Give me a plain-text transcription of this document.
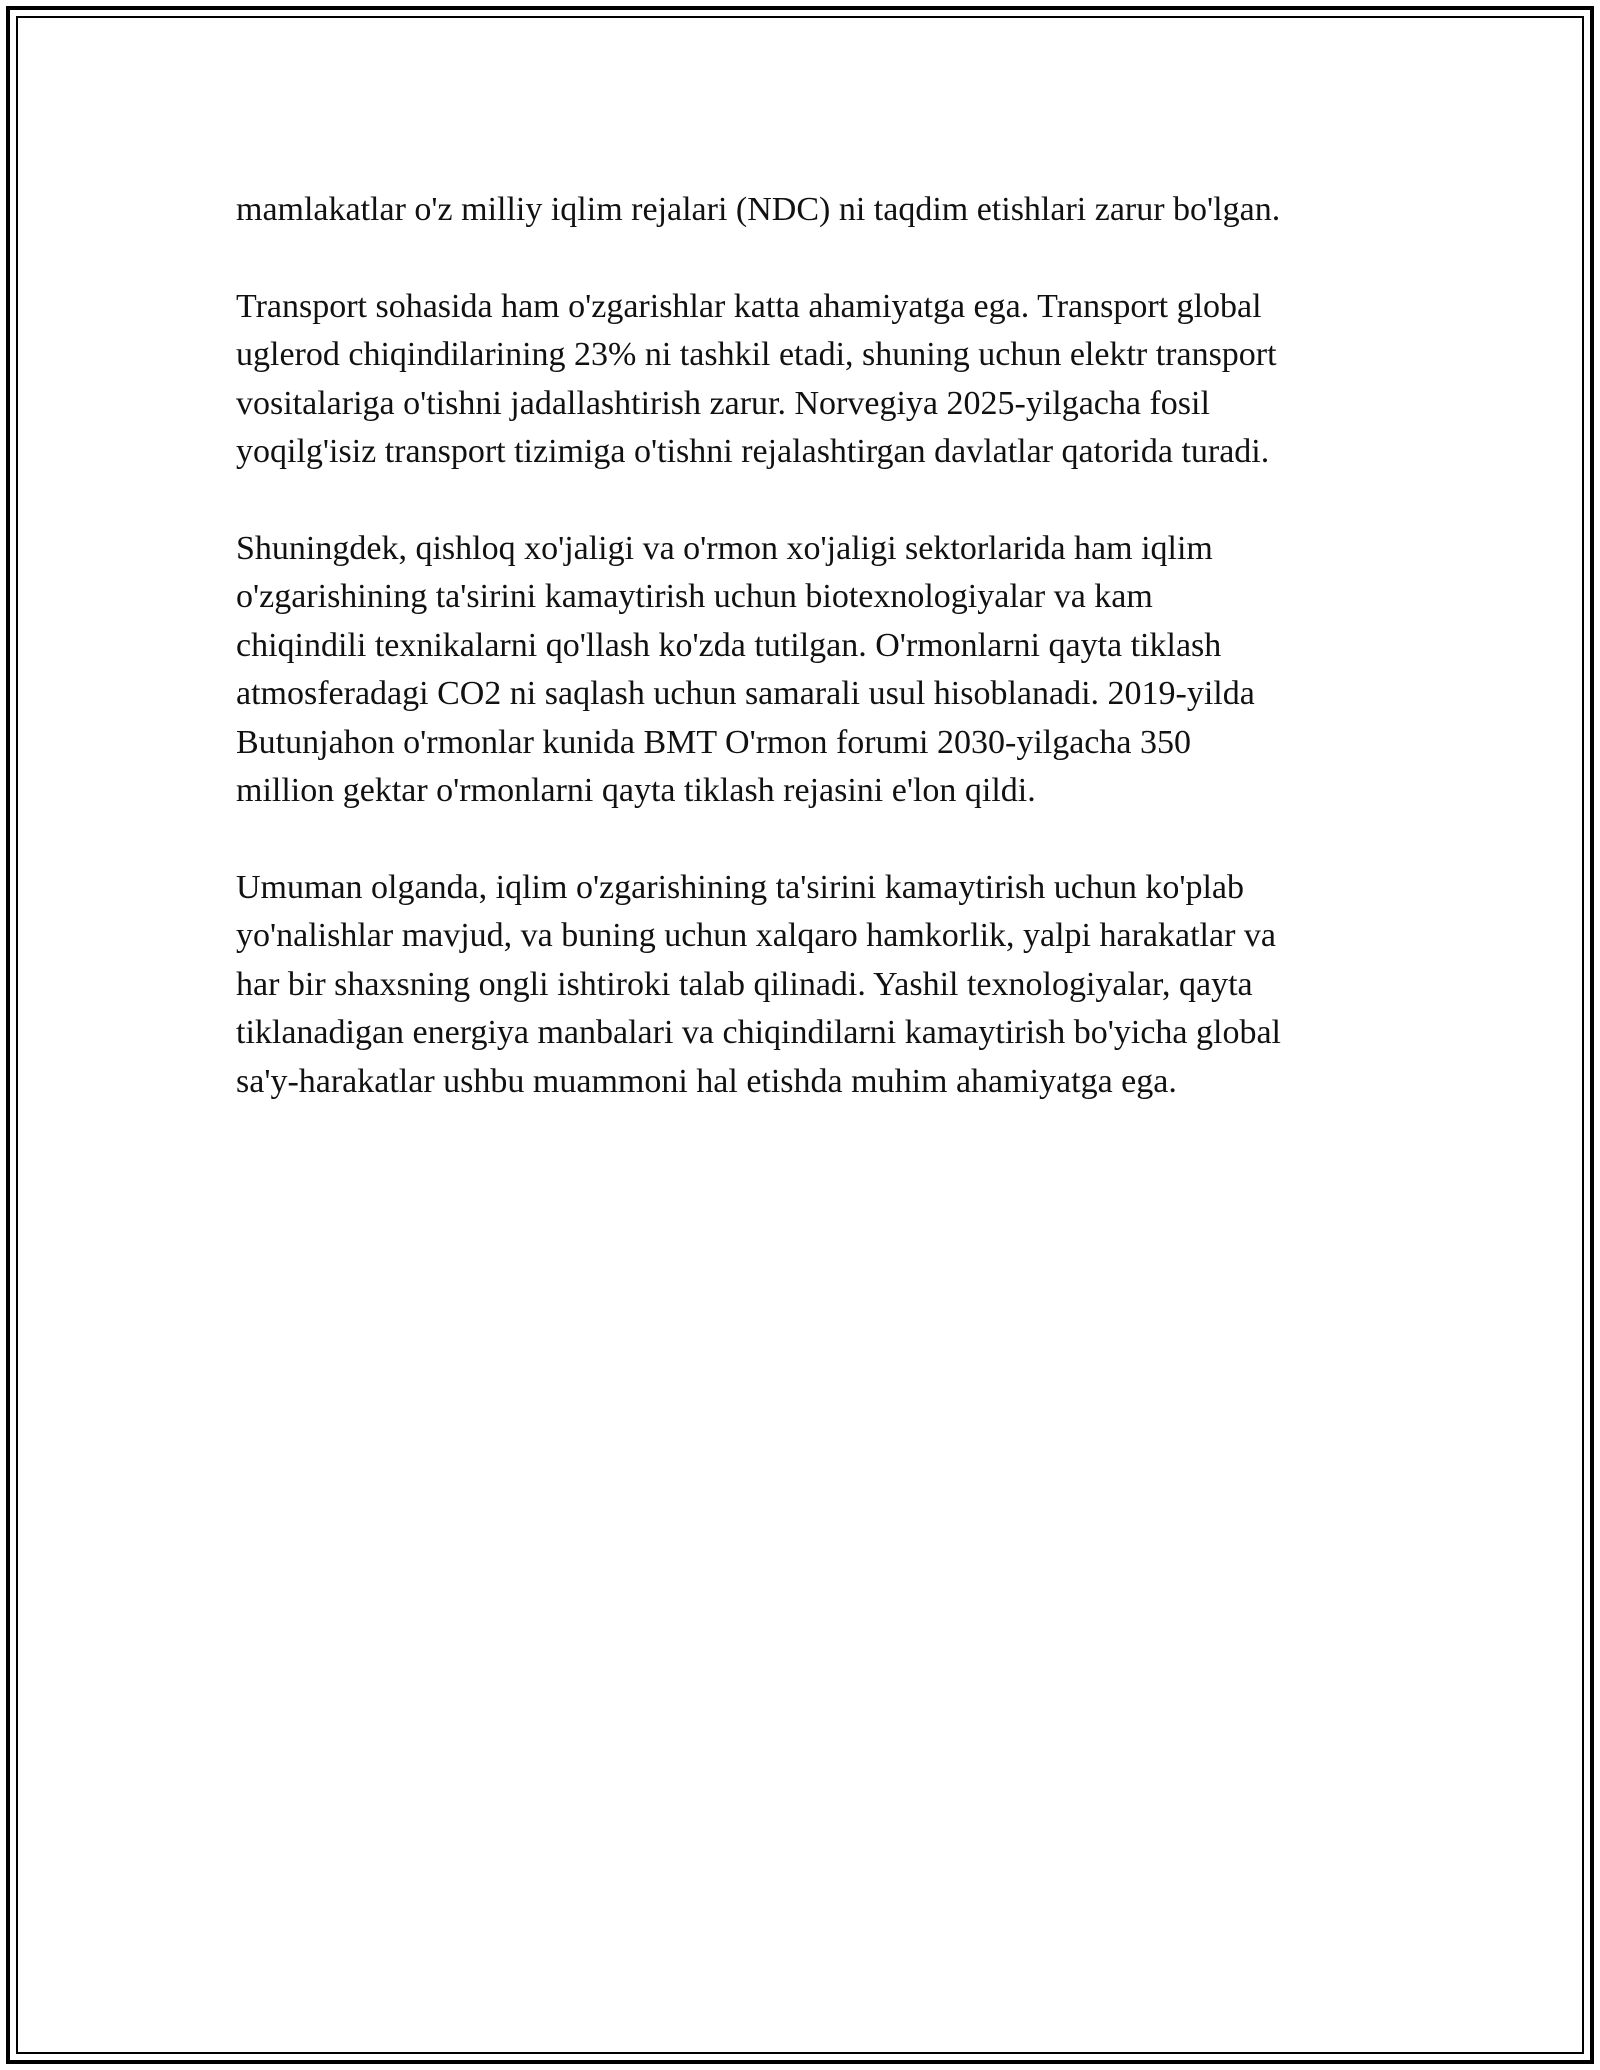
mamlakatlar o'z milliy iqlim rejalari (NDC) ni taqdim etishlari zarur bo'lgan.

Transport sohasida ham o'zgarishlar katta ahamiyatga ega. Transport global
uglerod chiqindilarining 23% ni tashkil etadi, shuning uchun elektr transport
vositalariga o'tishni jadallashtirish zarur. Norvegiya 2025-yilgacha fosil
yoqilg'isiz transport tizimiga o'tishni rejalashtirgan davlatlar qatorida turadi.

Shuningdek, qishloq xo'jaligi va o'rmon xo'jaligi sektorlarida ham iqlim
o'zgarishining ta'sirini kamaytirish uchun biotexnologiyalar va kam
chiqindili texnikalarni qo'llash ko'zda tutilgan. O'rmonlarni qayta tiklash
atmosferadagi CO2 ni saqlash uchun samarali usul hisoblanadi. 2019-yilda
Butunjahon o'rmonlar kunida BMT O'rmon forumi 2030-yilgacha 350
million gektar o'rmonlarni qayta tiklash rejasini e'lon qildi.

Umuman olganda, iqlim o'zgarishining ta'sirini kamaytirish uchun ko'plab
yo'nalishlar mavjud, va buning uchun xalqaro hamkorlik, yalpi harakatlar va
har bir shaxsning ongli ishtiroki talab qilinadi. Yashil texnologiyalar, qayta
tiklanadigan energiya manbalari va chiqindilarni kamaytirish bo'yicha global
sa'y-harakatlar ushbu muammoni hal etishda muhim ahamiyatga ega.
